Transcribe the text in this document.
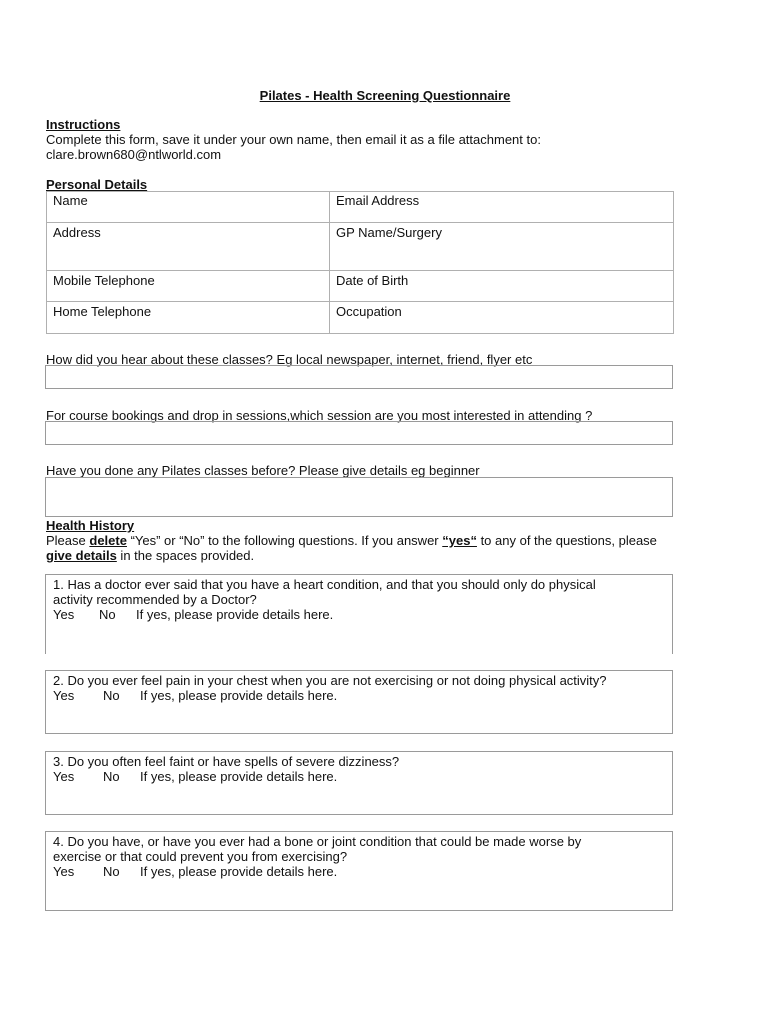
Pilates - Health Screening Questionnaire
Instructions
Complete this form, save it under your own name, then email it as a file attachment to:
clare.brown680@ntlworld.com
Personal Details
Name	Email Address
Address	GP Name/Surgery
Mobile Telephone	Date of Birth
Home Telephone	Occupation
How did you hear about these classes? Eg local newspaper, internet, friend, flyer etc
For course bookings and drop in sessions,which session are you most interested in attending ?
Have you done any Pilates classes before? Please give details eg beginner
Health History
Please delete “Yes” or “No” to the following questions. If you answer “yes“ to any of the questions, please
give details in the spaces provided.
1. Has a doctor ever said that you have a heart condition, and that you should only do physical
activity recommended by a Doctor?
Yes No If yes, please provide details here.
2. Do you ever feel pain in your chest when you are not exercising or not doing physical activity?
Yes No If yes, please provide details here.
3. Do you often feel faint or have spells of severe dizziness?
Yes No If yes, please provide details here.
4. Do you have, or have you ever had a bone or joint condition that could be made worse by
exercise or that could prevent you from exercising?
Yes No If yes, please provide details here.
